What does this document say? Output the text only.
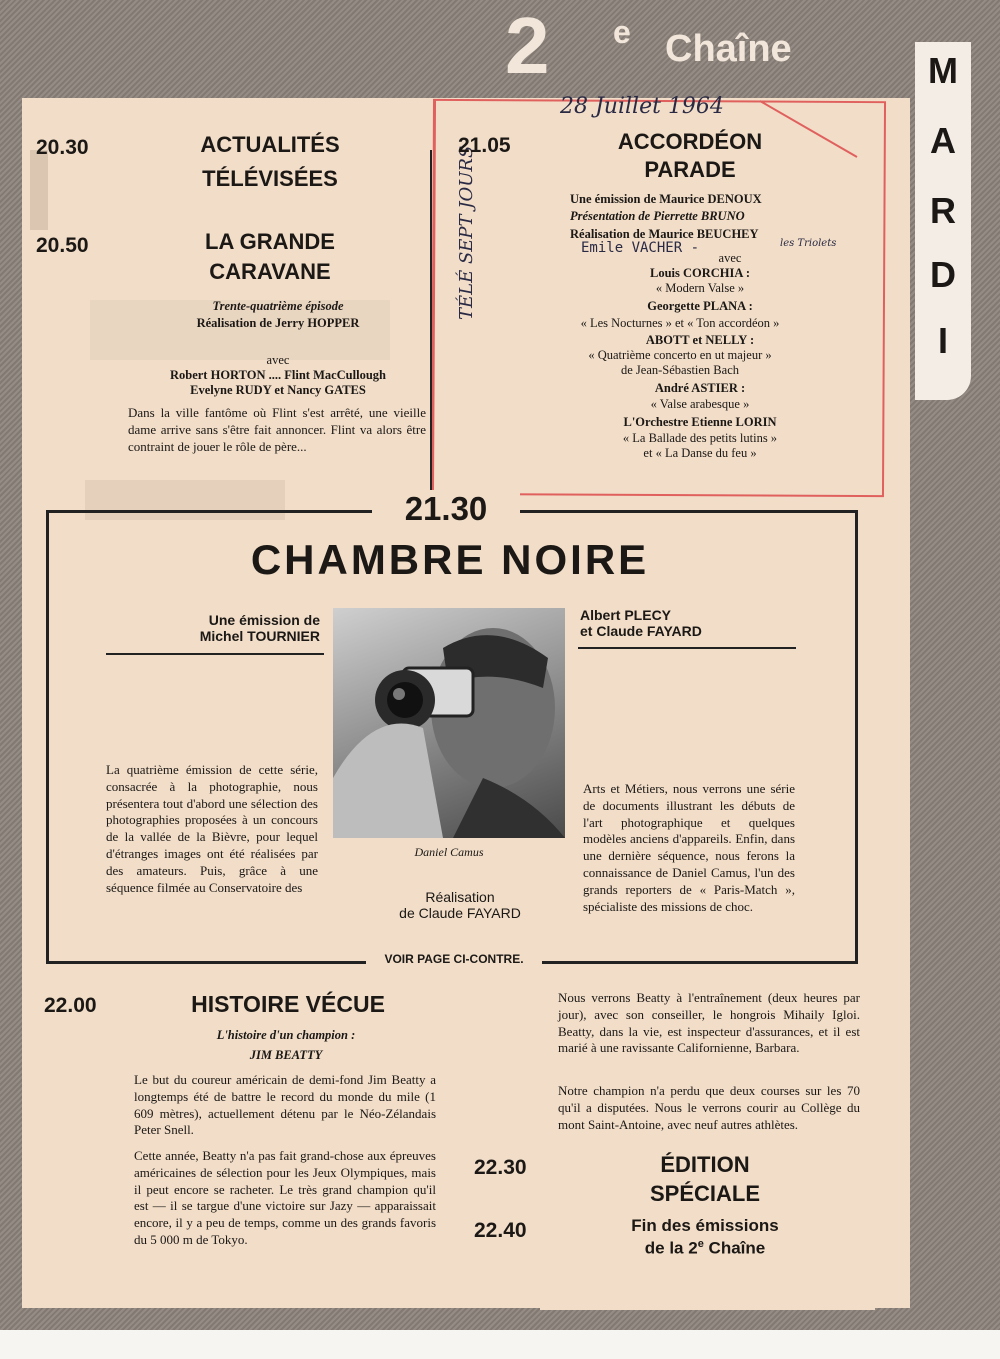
2 e Chaîne
M
A
R
D
I
20.30	ACTUALITÉS
TÉLÉVISÉES
20.50	LA GRANDE
CARAVANE
Trente-quatrième épisode
Réalisation de Jerry HOPPER
avec
Robert HORTON .... Flint MacCullough
Evelyne RUDY et Nancy GATES
Dans la ville fantôme où Flint s'est arrêté, une vieille dame arrive sans s'être fait annoncer. Flint va alors être contraint de jouer le rôle de père...
28 Juillet 1964
TÉLÉ SEPT JOURS
21.05	ACCORDÉON
PARADE
Une émission de Maurice DENOUX
Présentation de Pierrette BRUNO
Réalisation de Maurice BEUCHEY
Emile VACHER -	les Triolets
avec
Louis CORCHIA :
« Modern Valse »
Georgette PLANA :
« Les Nocturnes » et « Ton accordéon »
ABOTT et NELLY :
« Quatrième concerto en ut majeur »
de Jean-Sébastien Bach
André ASTIER :
« Valse arabesque »
L'Orchestre Etienne LORIN
« La Ballade des petits lutins »
et « La Danse du feu »
21.30
CHAMBRE NOIRE
Une émission de
Michel TOURNIER
Albert PLECY
et Claude FAYARD
Daniel Camus
La quatrième émission de cette série, consacrée à la photographie, nous présentera tout d'abord une sélection des photographies proposées à un concours de la vallée de la Bièvre, pour lequel d'étranges images ont été réalisées par des amateurs. Puis, grâce à une séquence filmée au Conservatoire des
Arts et Métiers, nous verrons une série de documents illustrant les débuts de l'art photographique et quelques modèles anciens d'appareils. Enfin, dans une dernière séquence, nous ferons la connaissance de Daniel Camus, l'un des grands reporters de « Paris-Match », spécialiste des missions de choc.
Réalisation
de Claude FAYARD
VOIR PAGE CI-CONTRE.
22.00	HISTOIRE VÉCUE
L'histoire d'un champion :
JIM BEATTY
Le but du coureur américain de demi-fond Jim Beatty a longtemps été de battre le record du monde du mile (1 609 mètres), actuellement détenu par le Néo-Zélandais Peter Snell.
Cette année, Beatty n'a pas fait grand-chose aux épreuves américaines de sélection pour les Jeux Olympiques, mais il peut encore se racheter. Le très grand champion qu'il est — il se targue d'une victoire sur Jazy — apparaissait encore, il y a peu de temps, comme un des grands favoris du 5 000 m de Tokyo.
Nous verrons Beatty à l'entraînement (deux heures par jour), avec son conseiller, le hongrois Mihaily Igloi. Beatty, dans la vie, est inspecteur d'assurances, et il est marié à une ravissante Californienne, Barbara.
Notre champion n'a perdu que deux courses sur les 70 qu'il a disputées. Nous le verrons courir au Collège du mont Saint-Antoine, avec neuf autres athlètes.
22.30	ÉDITION
SPÉCIALE
22.40	Fin des émissions
de la 2e Chaîne
